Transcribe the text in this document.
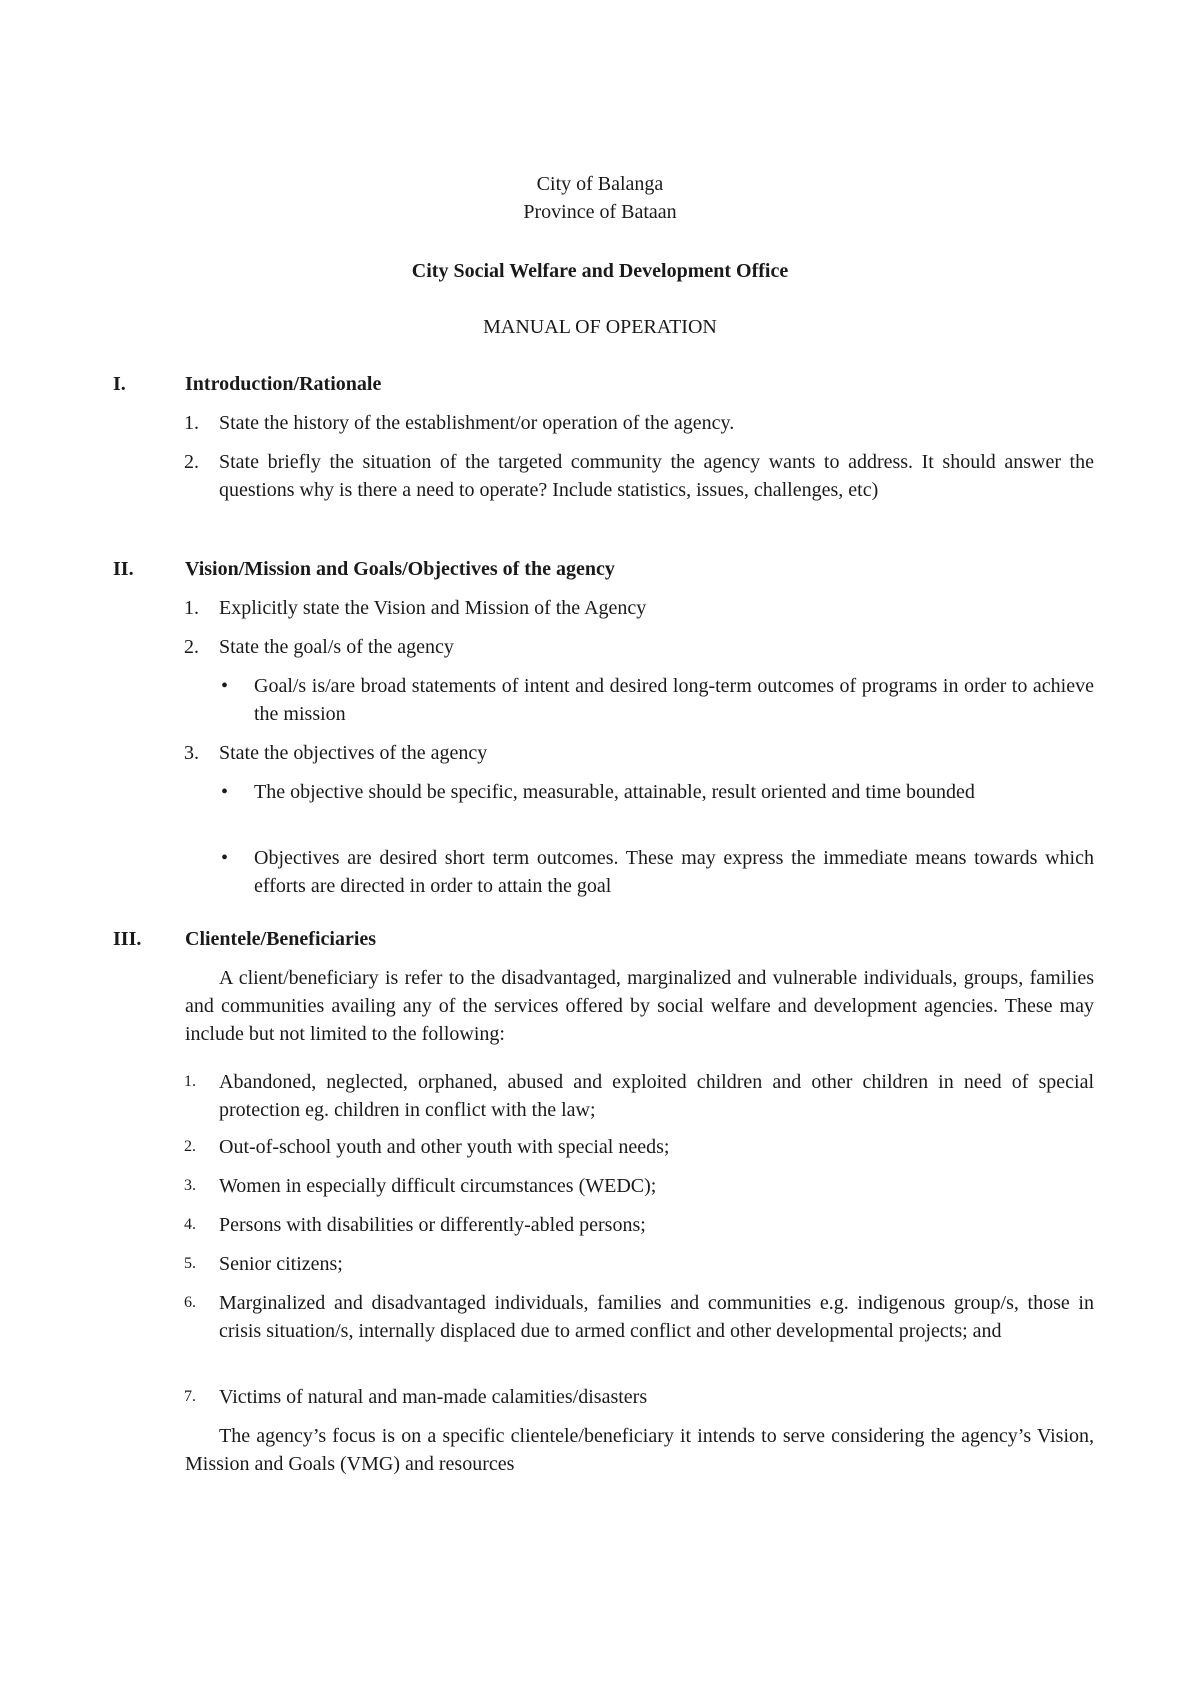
City of Balanga
Province of Bataan
City Social Welfare and Development Office
MANUAL OF OPERATION
I.	Introduction/Rationale
1. State the history of the establishment/or operation of the agency.
2. State briefly the situation of the targeted community the agency wants to address. It should answer the questions why is there a need to operate? Include statistics, issues, challenges, etc)
II.	Vision/Mission and Goals/Objectives of the agency
1. Explicitly state the Vision and Mission of the Agency
2. State the goal/s of the agency
• Goal/s is/are broad statements of intent and desired long-term outcomes of programs in order to achieve the mission
3. State the objectives of the agency
• The objective should be specific, measurable, attainable, result oriented and time bounded
• Objectives are desired short term outcomes. These may express the immediate means towards which efforts are directed in order to attain the goal
III. Clientele/Beneficiaries
A client/beneficiary is refer to the disadvantaged, marginalized and vulnerable individuals, groups, families and communities availing any of the services offered by social welfare and development agencies. These may include but not limited to the following:
1. Abandoned, neglected, orphaned, abused and exploited children and other children in need of special protection eg. children in conflict with the law;
2. Out-of-school youth and other youth with special needs;
3. Women in especially difficult circumstances (WEDC);
4. Persons with disabilities or differently-abled persons;
5. Senior citizens;
6. Marginalized and disadvantaged individuals, families and communities e.g. indigenous group/s, those in crisis situation/s, internally displaced due to armed conflict and other developmental projects; and
7. Victims of natural and man-made calamities/disasters
The agency’s focus is on a specific clientele/beneficiary it intends to serve considering the agency’s Vision, Mission and Goals (VMG) and resources
